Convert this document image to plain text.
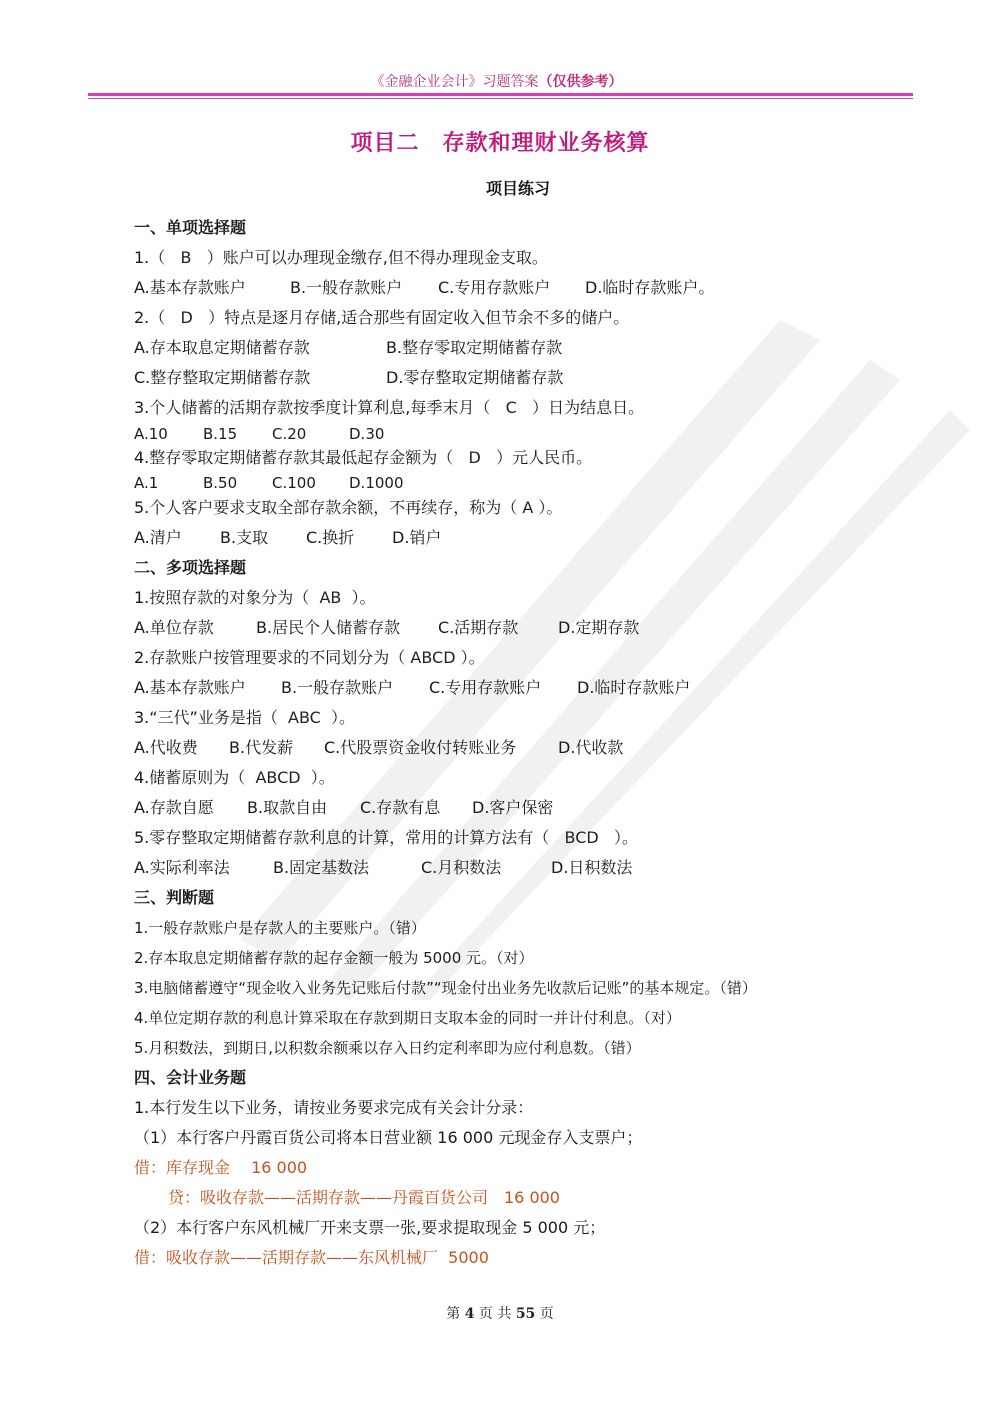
《金融企业会计》习题答案（仅供参考）
项目二　存款和理财业务核算
项目练习
一、单项选择题
1.（ B ）账户可以办理现金缴存,但不得办理现金支取。
A.基本存款账户	B.一般存款账户 C.专用存款账户 D.临时存款账户。
2.（ D ）特点是逐月存储,适合那些有固定收入但节余不多的储户。
A.存本取息定期储蓄存款	B.整存零取定期储蓄存款
C.整存整取定期储蓄存款	D.零存整取定期储蓄存款
3.个人储蓄的活期存款按季度计算利息,每季末月（ C ）日为结息日。
A.10 B.15 C.20	D.30
4.整存零取定期储蓄存款其最低起存金额为（ D ）元人民币。
A.1	B.50 C.100 D.1000
5.个人客户要求支取全部存款余额，不再续存，称为（ A ）。
A.清户 B.支取 C.换折 D.销户
二、多项选择题
1.按照存款的对象分为（ AB ）。
A.单位存款	B.居民个人储蓄存款 C.活期存款 D.定期存款
2.存款账户按管理要求的不同划分为（ ABCD ）。
A.基本存款账户 B.一般存款账户 C.专用存款账户 D.临时存款账户
3.“三代”业务是指（ ABC ）。
A.代收费 B.代发薪 C.代股票资金收付转账业务	D.代收款
4.储蓄原则为（ ABCD ）。
A.存款自愿 B.取款自由 C.存款有息 D.客户保密
5.零存整取定期储蓄存款利息的计算，常用的计算方法有（ BCD ）。
A.实际利率法	B.固定基数法	C.月积数法	D.日积数法
三、判断题
1.一般存款账户是存款人的主要账户。（错）
2.存本取息定期储蓄存款的起存金额一般为 5000 元。（对）
3.电脑储蓄遵守“现金收入业务先记账后付款”“现金付出业务先收款后记账”的基本规定。（错）
4.单位定期存款的利息计算采取在存款到期日支取本金的同时一并计付利息。（对）
5.月积数法，到期日,以积数余额乘以存入日约定利率即为应付利息数。（错）
四、会计业务题
1.本行发生以下业务，请按业务要求完成有关会计分录：
（1）本行客户丹霞百货公司将本日营业额 16 000 元现金存入支票户；
借：库存现金　 16 000
贷：吸收存款——活期存款——丹霞百货公司　16 000
（2）本行客户东风机械厂开来支票一张,要求提取现金 5 000 元；
借：吸收存款——活期存款——东风机械厂  5000
第 4 页 共 55 页
